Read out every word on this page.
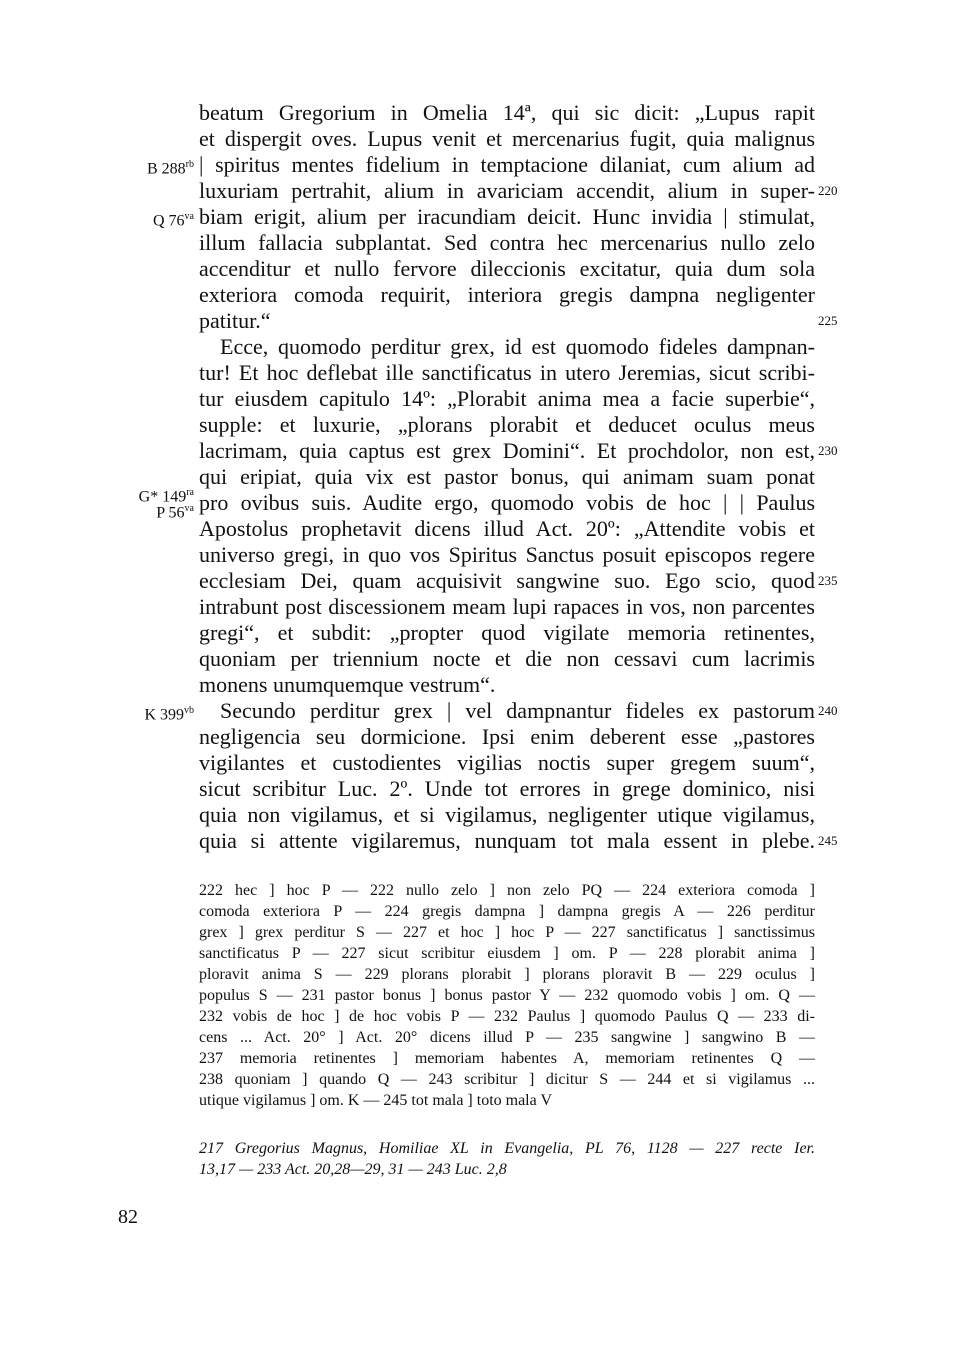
beatum Gregorium in Omelia 14ª, qui sic dicit: „Lupus rapit
et dispergit oves. Lupus venit et mercenarius fugit, quia malignus
| spiritus mentes fidelium in temptacione dilaniat, cum alium ad
luxuriam pertrahit, alium in avariciam accendit, alium in super-
biam erigit, alium per iracundiam deicit. Hunc invidia | stimulat,
illum fallacia subplantat. Sed contra hec mercenarius nullo zelo
accenditur et nullo fervore dileccionis excitatur, quia dum sola
exteriora comoda requirit, interiora gregis dampna negligenter
patitur.“
Ecce, quomodo perditur grex, id est quomodo fideles dampnan-
tur! Et hoc deflebat ille sanctificatus in utero Jeremias, sicut scribi-
tur eiusdem capitulo 14º: „Plorabit anima mea a facie superbie“,
supple: et luxurie, „plorans plorabit et deducet oculus meus
lacrimam, quia captus est grex Domini“. Et prochdolor, non est,
qui eripiat, quia vix est pastor bonus, qui animam suam ponat
pro ovibus suis. Audite ergo, quomodo vobis de hoc | | Paulus
Apostolus prophetavit dicens illud Act. 20º: „Attendite vobis et
universo gregi, in quo vos Spiritus Sanctus posuit episcopos regere
ecclesiam Dei, quam acquisivit sangwine suo. Ego scio, quod
intrabunt post discessionem meam lupi rapaces in vos, non parcentes
gregi“, et subdit: „propter quod vigilate memoria retinentes,
quoniam per triennium nocte et die non cessavi cum lacrimis
monens unumquemque vestrum“.
Secundo perditur grex | vel dampnantur fideles ex pastorum
negligencia seu dormicione. Ipsi enim deberent esse „pastores
vigilantes et custodientes vigilias noctis super gregem suum“,
sicut scribitur Luc. 2º. Unde tot errores in grege dominico, nisi
quia non vigilamus, et si vigilamus, negligenter utique vigilamus,
quia si attente vigilaremus, nunquam tot mala essent in plebe.
220
225
230
235
240
245
B $288^{rb}$
Q $76^{va}$
G* $149^{ra}$
P $56^{va}$
K $399^{vb}$
222 hec ] hoc P — 222 nullo zelo ] non zelo PQ — 224 exteriora comoda ]
comoda exteriora P — 224 gregis dampna ] dampna gregis A — 226 perditur
grex ] grex perditur S — 227 et hoc ] hoc P — 227 sanctificatus ] sanctissimus
sanctificatus P — 227 sicut scribitur eiusdem ] om. P — 228 plorabit anima ]
ploravit anima S — 229 plorans plorabit ] plorans ploravit B — 229 oculus ]
populus S — 231 pastor bonus ] bonus pastor Y — 232 quomodo vobis ] om. Q —
232 vobis de hoc ] de hoc vobis P — 232 Paulus ] quomodo Paulus Q — 233 di-
cens ... Act. 20° ] Act. 20° dicens illud P — 235 sangwine ] sangwino B —
237 memoria retinentes ] memoriam habentes A, memoriam retinentes Q —
238 quoniam ] quando Q — 243 scribitur ] dicitur S — 244 et si vigilamus ...
utique vigilamus ] om. K — 245 tot mala ] toto mala V
217 Gregorius Magnus, Homiliae XL in Evangelia, PL 76, 1128 — 227 recte Ier.
13,17 — 233 Act. 20,28—29, 31 — 243 Luc. 2,8
82
